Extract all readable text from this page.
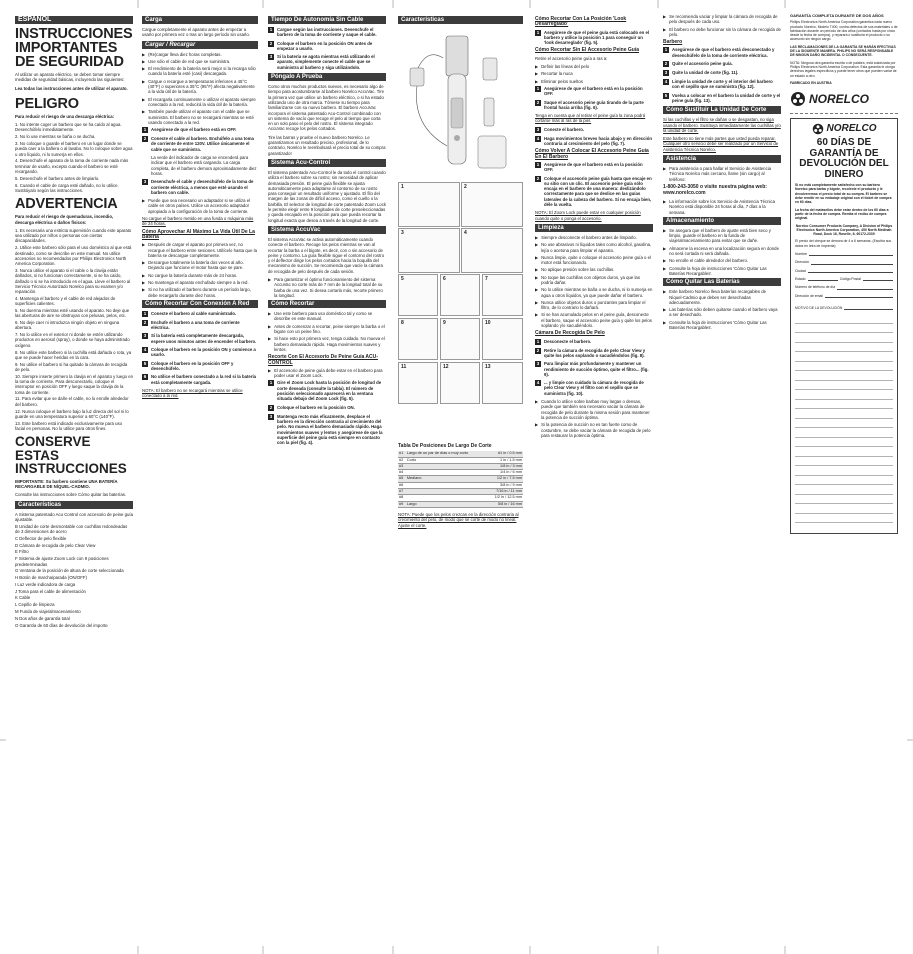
ESPAÑOL
INSTRUCCIONES IMPORTANTES DE SEGURIDAD
Al utilizar un aparato eléctrico, se deben tomar siempre medidas de seguridad básicas, incluyendo las siguientes:
Lea todas las instrucciones antes de utilizar el aparato.
PELIGRO
Para reducir el riesgo de una descarga eléctrica:
1. No intente coger un barbero que se ha caído al agua. Desenchúfelo inmediatamente.
2. No lo use mientras se baña o se ducha.
3. No coloque o guarde el barbero en un lugar donde se pueda caer a la bañera o al lavabo. No lo coloque sobre agua u otro líquido, ni lo sumerja en ellos.
4. Desenchufe el aparato de la toma de corriente nada más terminar de usarlo, excepto cuando el barbero se esté recargando.
5. Desenchufe el barbero antes de limpiarlo.
6. Cuando el cable de carga esté dañado, no lo utilice. Sustitúyalo según las instrucciones.
ADVERTENCIA
Para reducir el riesgo de quemaduras, incendio, descarga eléctrica o daños físicos:
1. Es necesaria una estricta supervisión cuando este aparato sea utilizado por niños o personas con ciertas discapacidades.
2. Utilice este barbero sólo para el uso doméstico al que está destinado, como se describe en este manual. No utilice accesorios no recomendados por Philips Electronics North America Corporation.
3. Nunca utilice el aparato si el cable o la clavija están dañados, si no funcionan correctamente, si se ha caído, dañado o si se ha introducido en el agua. Lleve el barbero al Servicio Técnico Autorizado Norelco para su examen y/o reparación.
4. Mantenga el barbero y el cable de red alejados de superficies calientes.
5. No duerma mientras esté usando el aparato. No deje que las aberturas de aire se obstruyan con pelusas, pelos, etc.
6. No deje caer ni introduzca ningún objeto en ninguna abertura.
7. No lo utilice en el exterior ni donde se estén utilizando productos en aerosol (spray), o donde se haya administrado oxígeno.
8. No utilice este barbero si la cuchilla está dañada o rota, ya que se puede hacer heridas en la cara.
9. No utilice el barbero si ha quitado la cámara de recogida de pelo.
10. Siempre inserte primero la clavija en el aparato y luego en la toma de corriente. Para desconectarlo, coloque el interruptor en posición OFF y luego saque la clavija de la toma de corriente.
11. Para evitar que se dañe el cable, no lo enrolle alrededor del barbero.
12. Nunca coloque el barbero bajo la luz directa del sol ni lo guarde en una temperatura superior a 60°C (140°F).
13. Este barbero está indicado exclusivamente para uso facial en personas. No lo utilice para otros fines.
CONSERVE ESTAS INSTRUCCIONES
IMPORTANTE: Su barbero contiene UNA BATERÍA RECARGABLE DE NÍQUEL-CADMIO.
Consulte las instrucciones sobre Cómo quitar las baterías.
Características
A Sistema patentado Acu Control con accesorio de peine guía ajustable.
B Unidad de corte desmontable con cuchillas redondeadas de 3 dimensiones de acero
C Deflector de pelo flexible
D Cámara de recogida de pelo Clear View
E Filtro
F Sistema de ajuste Zoom Lock con 9 posiciones predeterminadas
G Ventana de la posición de altura de corte seleccionada
H Botón de marcha/parada (ON/OFF)
I Luz verde indicadora de carga
J Toma para el cable de alimentación
K Cable
L Cepillo de limpieza
M Funda de viaje/almacenamiento
N Dos años de garantía total
O Garantía de 60 días de devolución del importe
Carga
Cargue completamente el aparato antes de empezar a usarlo por primera vez o tras un largo período sin usarlo.
Cargar / Recargar
▶ (Re)cargar lleva diez horas completas.
▶ Use sólo el cable de red que se suministra.
▶ El rendimiento de la batería será mejor si la recarga sólo cuando la batería esté (casi) descargada.
▶ Cargue o recargue a temperaturas inferiores a 45°C (40°F) o superiores a 35°C (95°F) afecta negativamente a la vida útil de la batería.
▶ El recargarla continuamente o utilizar el aparato siempre conectado a la red, reducirá la vida útil de la batería.
▶ También puede utilizar el aparato con el cable que se suministra. El barbero no se recargará mientras se esté usando conectado a la red.
1	Asegúrese de que el barbero está en OFF.
2	Conecte el cable al barbero. Enchúfelo a una toma de corriente de entre 120V. Utilice únicamente el cable que se suministra.
La verde del indicador de carga se encenderá para indicar que el barbero está cargando. La carga completa, de el barbero demora aproximadamente diez horas.
3	Desenchufe el cable y desenchúfelo de la toma de corriente eléctrica, a menos que esté usando el barbero con cable.
▶ Puede que sea necesario un adaptador si se utiliza el cable en otros países. Utilice un accesorio adaptador apropiado a la configuración de la toma de corriente.
No cargue el barbero metido en una funda o máquina más de 24 horas.
Cómo Aprovechar Al Máximo La Vida Útil De La Batería
▶ Después de cargar el aparato por primera vez, no recargue el barbero entre sesiones. Utilícelo hasta que la batería se descargue completamente.
▶ Descargue totalmente la batería dos veces al año. Dejando que funcione el motor hasta que se pare.
▶ No cargue la batería durante más de 24 horas.
▶ No mantenga el aparato enchufado siempre a la red.
▶ Si no ha utilizado el barbero durante un período largo, debe recargarlo durante diez horas.
Cómo Recortar Con Conexión A Red
1	Conecte el barbero al cable suministrado.
2	Enchufe el barbero a una toma de corriente eléctrica.
3	Si la batería está completamente descargada, espere unos minutos antes de encender el barbero.
4	Coloque el barbero en la posición ON y comience a usarlo.
5	Coloque el barbero en la posición OFF y desenchúfelo.
6	No utilice el barbero conectado a la red si la batería está completamente cargada.
NOTA: El barbero no se recargará mientras se utilice conectado a la red.
Tiempo De Autonomía Sin Cable
1	Cargue según las instrucciones. Desenchufe el barbero de la toma de corriente y saque el cable.
2	Coloque el barbero en la posición ON antes de empezar a usarlo.
3	Si la batería se agota mientras está utilizando el aparato, simplemente conecte el cable que se suministra al barbero y siga utilizándolo.
Póngalo A Prueba
Como otros muchos productos nuevos, es necesario algo de tiempo para acostumbrarse al barbero Norelco AccuVac. Tire la primera vez que utilice un barbero eléctrico, o si ha estado utilizando uno de otra marca. Tómese su tiempo para familiarizarse con su nuevo barbero. El barbero AccuVac incorpora el sistema patentado Acu-Control combinado con un sistema de vacío que recoge el pelo al tiempo que corta en un solo paso el pelo del rostro. El sistema integrado AccuVac recoge los pelos cortados.
Tire las barras y pruebe el nuevo barbero Norelco. Le garantizamos un resultado preciso, profesional, de lo contrario, Norelco le reembolsará el precio total de su compra garantizado!
Sistema Acu-Control
El sistema patentado Acu-Control le da todo el control cuando utiliza el barbero sobre su rostro; sin necesidad de aplicar demasiada presión. El peine guía flexible se ajusta automáticamente para adaptarse al contorno de su rostro para conseguir un resultado uniforme y ajustado. El filo del margen de las zonas de difícil acceso, como el cuello o la barbilla. El selector de longitud de corte patentado Zoom Lock le permite elegir entre 9 longitudes de corte preseleccionadas y queda encajado en la posición para que pueda recortar la longitud exacta que desea a través de la longitud de corte.
Sistema AccuVac
El sistema AccuVac se activa automáticamente cuando conecte el barbero. Recoge los pelos mientras se van al recortar la barba o el bigote, es decir, con o sin accesorio de peine y contorno. La guía flexible sigue el contorno del rostro y el deflector dirige los pelos cortados hacia la boquilla del mecanismo de succión. Se recomienda que vacíe la cámara de recogida de pelo después de cada sesión.
▶ Para garantizar el óptimo funcionamiento del sistema AccuVac no corte más de 7 mm de la longitud total de su barba de una vez. Si desea cortarla más, recorte primero la longitud.
Cómo Recortar
▶ Use este barbero para uso doméstico tal y como se describe en este manual.
▶ Antes de comenzar a recortar, peine siempre la barba o el bigote con un peine fino.
▶ Si hace esto por primera vez, tenga cuidado. No mueva el barbero demasiado rápido. Haga movimientos suaves y lentos.
Recorte Con El Accesorio De Peine Guía ACU-CONTROL
▶ El accesorio de peine guía debe estar en el barbero para poder usar el Zoom Lock.
1	Gire el Zoom Lock hasta la posición de longitud de corte deseada (consulte la tabla). El número de posición seleccionado aparecerá en la ventana situada debajo del Zoom Lock (fig. 5).
2	Coloque el barbero en la posición ON.
3	Mantenga recto más eficazmente, desplace el barbero en la dirección contraria al crecimiento del pelo. No mueva el barbero demasiado rápido. Haga movimientos suaves y lentos y asegúrese de que la superficie del peine guía está siempre en contacto con la piel (fig. 4).
Características
1	2
3	4
5	6	7
8	9	10
11	12	13
Tabla De Posiciones De Largo De Corte
#1	Largo de un par de días o muy corto	#1 in / 0.5 mm
#2	Corto	1 in / 1.5 mm
#3		1/8 in / 3 mm
#4		1/4 in / 6 mm
#5	Mediano	1/2 in / 7.5 mm
#6		3/8 in / 9 mm
#7		7/16 in / 11 mm
#8		1/2 in / 12.5 mm
#9	Largo	5/8 in / 16 mm
NOTA: Puede que los pelos crezcan en la dirección contraria al crecimiento del pelo, de modo que se corte de modo no lineal. Ajuste el corte.
Cómo Recortar Con La Posición 'Look Desarreglado'
1	Asegúrese de que el peine guía está colocado en el barbero y utilice la posición 1 para conseguir un 'look desarreglado' (fig. 5).
Cómo Recortar Sin El Accesorio Peine Guía
Retire el accesorio peine guía a ras a:
▶ Definir las líneas del pelo
▶ Recortar la nuca
▶ Eliminar pelos sueltos
1	Asegúrese de que el barbero está en la posición OFF.
2	Saque el accesorio peine guía tirando de la parte frontal hacia arriba (fig. 6).
Tenga en cuenta que al retirar el peine guía la zona podrá cortarse más al ras de la piel.
3	Conecte el barbero.
4	Haga movimientos breves hacia abajo y en dirección contraria al crecimiento del pelo (fig. 7).
Cómo Volver A Colocar El Accesorio Peine Guía En El Barbero
1	Asegúrese de que el barbero está en la posición OFF.
2	Coloque el accesorio peine guía hasta que encaje en su sitio con un clic. El accesorio peine guía sólo encaja en el barbero de una manera: deslizándolo correctamente para que se deslice en las guías laterales de la cabeza del barbero. Si no encaja bien, déle la vuelta.
NOTA: El Zoom Lock puede estar en cualquier posición cuando quite o ponga el accesorio.
Limpieza
▶ Siempre desconecte el barbero antes de limpiarlo.
▶ No use abrasivos ni líquidos tales como alcohol, gasolina, lejía o acetona para limpiar el aparato.
▶ Nunca limpie, quite o coloque el accesorio peine guía o el motor está funcionando.
▶ No aplique presión sobre las cuchillas.
▶ No toque las cuchillas con objetos duros, ya que las podría dañar.
▶ No lo utilice mientras se baña o se ducha, ni lo sumerja en agua u otros líquidos, ya que puede dañar el barbero.
▶ Nunca utilice objetos duros o punzantes para limpiar el filtro, de lo contrario lo dañará.
▶ Si se han acumulado pelos en el peine guía, desconecte el barbero, saque el accesorio peine guía y quite los pelos soplando y/o sacudiéndolo.
Cámara De Recogida De Pelo
1	Desconecte el barbero.
2	Retire la cámara de recogida de pelo Clear View y quite los pelos soplando o sacudiéndolos (fig. 8).
3	Para limpiar más profundamente y mantener un rendimiento de succión óptimo, quite el filtro... (fig. 9).
4	... y limpie con cuidado la cámara de recogida de pelo Clear View y el filtro con el cepillo que se suministra (fig. 10).
▶ Cuando lo utilice sobre barbas muy largas o densas, puede que también sea necesario vaciar la cámara de recogida de pelo durante la misma sesión para mantener la potencia de succión óptima.
▶ Si la potencia de succión no es tan fuerte como de costumbre, se debe vaciar la cámara de recogida de pelo para restaurar la potencia óptima.
▶ Se recomienda vaciar y limpiar la cámara de recogida de pelo después de cada uso.
▶ El barbero no debe funcionar sin la cámara de recogida de pelo.
Barbero
1	Asegúrese de que el barbero está desconectado y desenchúfelo de la toma de corriente eléctrica.
2	Quite el accesorio peine guía.
3	Quite la unidad de corte (fig. 11).
4	Limpie la unidad de corte y el interior del barbero con el cepillo que se suministra (fig. 12).
5	Vuelva a colocar en el barbero la unidad de corte y el peine guía (fig. 13).
Cómo Sustituir La Unidad De Corte
Si las cuchillas y el filtro se dañan o se desgastan, no siga usando el barbero. Sustituya inmediatamente las cuchillas y/o la unidad de corte.
Este barbero no tiene más partes que usted pueda reparar. Cualquier otro servicio debe ser realizado por un Servicio de Asistencia Técnica Norelco.
Asistencia
▶ Para asistencia o para hallar el Servicio de Asistencia Técnica Norelco más cercano, llame (sin cargo) al teléfono:
1-800-243-3050 o visite nuestra página web: www.norelco.com
▶ La información sobre los Servicio de Asistencia Técnica Norelco está disponible 24 horas al día, 7 días a la semana.
Almacenamiento
▶ Se asegura que el barbero de ajuste está bien seco y limpio, guarde el barbero en la funda de viaje/almacenamiento para evitar que se dañe.
▶ Almacene la escena en una localización segura en donde no será cortada ni será dañada.
▶ No enrolle el cable alrededor del barbero.
▶ Consulte la hoja de instrucciones 'Cómo Quitar Las Baterías Recargables'.
Cómo Quitar Las Baterías
▶ Este barbero Norelco lleva baterías recargables de Níquel-Cadmio que deben ser desechadas adecuadamente.
▶ Las baterías sólo deben quitarse cuando el barbero vaya a ser desechado.
▶ Consulte la hoja de instrucciones 'Cómo Quitar Las Baterías Recargables'.
GARANTÍA COMPLETA DURANTE DE DOS AÑOS
Philips Electronics North America Corporation garantiza cada nuevo producto Norelco, Modelo T400, contra defectos de sus materiales o de fabricación durante un período de dos años (contados hasta por cinco desde la fecha de compra), y reparará o sustituirá el producto o su accesorio sin ningún cargo.
LAS RECLAMACIONES DE LA GARANTÍA SE HARÁN EFECTIVAS DE LA SIGUIENTE MANERA. PHILIPS NO SERÁ RESPONSABLE DE NINGÚN DAÑO INCIDENTAL O CONSECUENTE.
NOTA: Ninguna otra garantía escrita o de palabra, está autorizada por Philips Electronics North America Corporation. Esta garantía le otorga derechos legales específicos y puede tener otros que pueden variar de un estado a otro.
FABRICADO EN AUSTRIA
NORELCO
NORELCO
60 DÍAS DE GARANTÍA DE DEVOLUCIÓN DEL DINERO
Si no está completamente satisfecho con su barbero Norelco para barba y bigote, recolecte el producto y le devolveremos el precio total de su compra. El barbero se debe remitir en su embalaje original con el ticket de compra en 60 días.
La fecha del matasellos debe estar dentro de los 60 días a partir de la fecha de compra. Remita el recibo de compra original.
Norelco Consumer Products Company, A Division of Philips Electronics North America Corporation, 450 North Medinah Road, Dock 16, Roselle, IL 60172-2339
El precio del cheque se demora de 4 a 6 semanas. (Escriba sus datos en letra de imprenta)
Nombre
Dirección
Ciudad
Estado	Código Postal
Número de teléfono de día
Dirección de email
MOTIVO DE LA DEVOLUCIÓN
